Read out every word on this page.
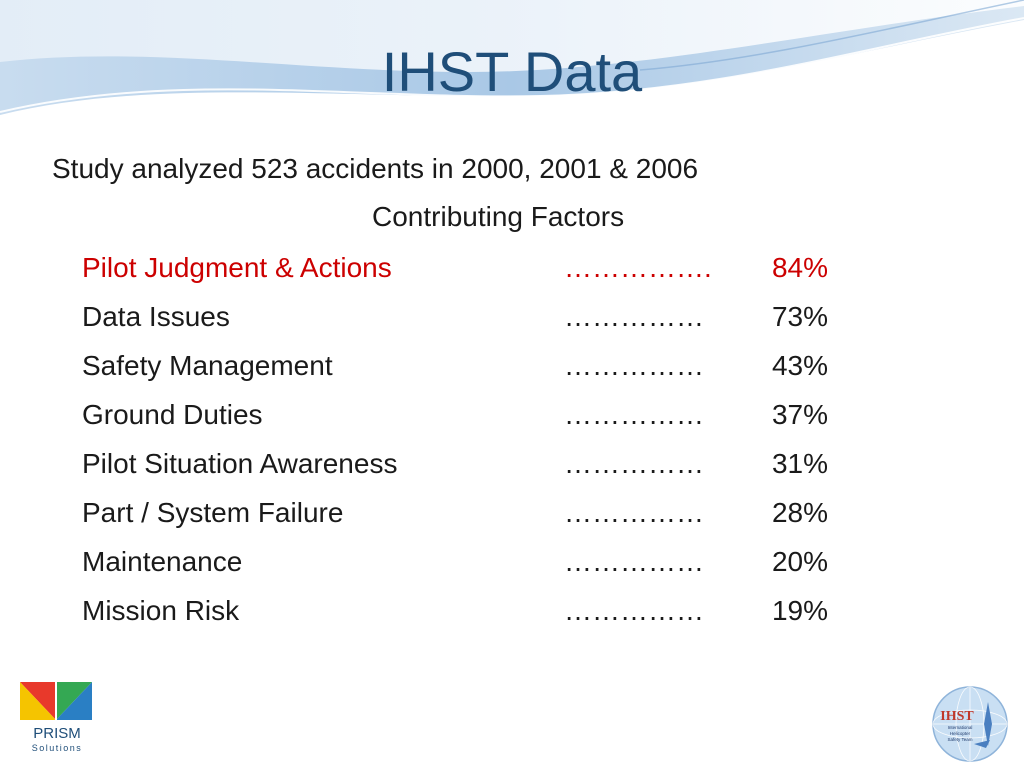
IHST Data
Study analyzed 523 accidents in 2000, 2001 & 2006
Contributing Factors
Pilot Judgment & Actions	…………….	84%
Data Issues	……………	73%
Safety Management	……………	43%
Ground Duties	……………	37%
Pilot Situation Awareness	……………	31%
Part / System Failure	……………	28%
Maintenance	……………	20%
Mission Risk	……………	19%
PRISM
Solutions
IHST
International
Helicopter
Safety Team
